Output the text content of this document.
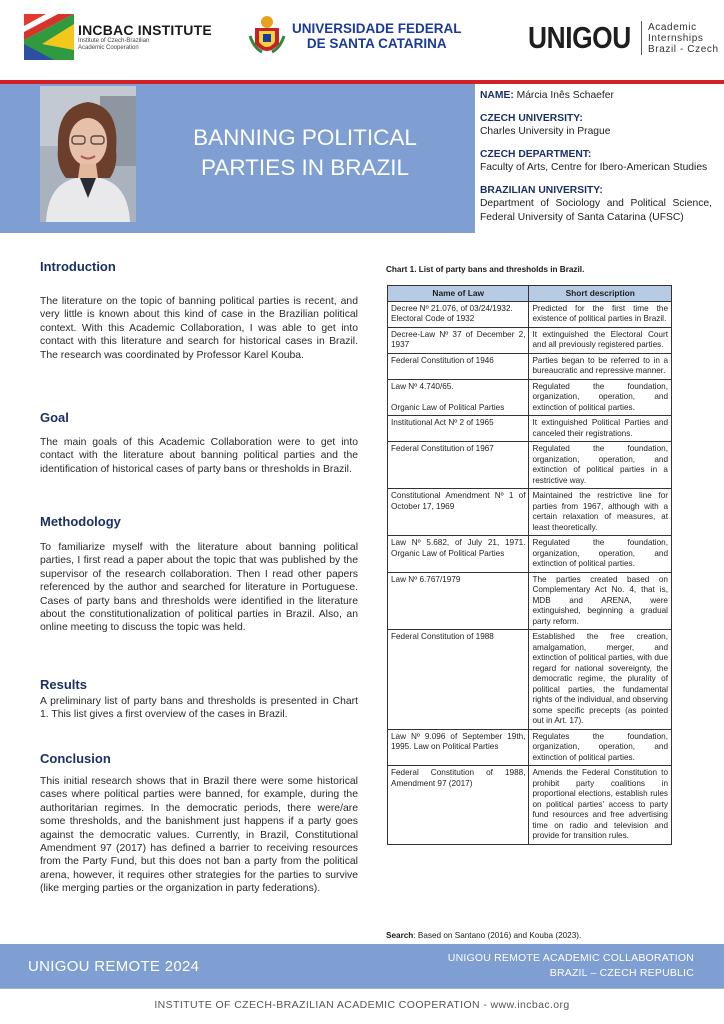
INCBAC INSTITUTE
Institute of Czech-Brazilian Academic Cooperation
UNIVERSIDADE FEDERAL
DE SANTA CATARINA	UNIGOU Academic
Internships
Brazil - Czech
BANNING POLITICAL
PARTIES IN BRAZIL
NAME: Márcia Inês Schaefer
CZECH UNIVERSITY:
Charles University in Prague
CZECH DEPARTMENT:
Faculty of Arts, Centre for Ibero-American Studies
BRAZILIAN UNIVERSITY:
Department of Sociology and Political Science, Federal University of Santa Catarina (UFSC)
Introduction
The literature on the topic of banning political parties is recent, and very little is known about this kind of case in the Brazilian political context. With this Academic Collaboration, I was able to get into contact with this literature and search for historical cases in Brazil. The research was coordinated by Professor Karel Kouba.
Goal
The main goals of this Academic Collaboration were to get into contact with the literature about banning political parties and the identification of historical cases of party bans or thresholds in Brazil.
Methodology
To familiarize myself with the literature about banning political parties, I first read a paper about the topic that was published by the supervisor of the research collaboration. Then I read other papers referenced by the author and searched for literature in Portuguese. Cases of party bans and thresholds were identified in the literature about the constitutionalization of political parties in Brazil. Also, an online meeting to discuss the topic was held.
Results
A preliminary list of party bans and thresholds is presented in Chart 1. This list gives a first overview of the cases in Brazil.
Conclusion
This initial research shows that in Brazil there were some historical cases where political parties were banned, for example, during the authoritarian regimes. In the democratic periods, there were/are some thresholds, and the banishment just happens if a party goes against the democratic values. Currently, in Brazil, Constitutional Amendment 97 (2017) has defined a barrier to receiving resources from the Party Fund, but this does not ban a party from the political arena, however, it requires other strategies for the parties to survive (like merging parties or the organization in party federations).
Chart 1. List of party bans and thresholds in Brazil.
Name of Law	Short description
Decree Nº 21.076, of 03/24/1932.
Electoral Code of 1932	Predicted for the first time the existence of political parties in Brazil.
Decree-Law Nº 37 of December 2, 1937	It extinguished the Electoral Court and all previously registered parties.
Federal Constitution of 1946	Parties began to be referred to in a bureaucratic and repressive manner.
Law Nº 4.740/65.

Organic Law of Political Parties	Regulated the foundation, organization, operation, and extinction of political parties.
Institutional Act Nº 2 of 1965	It extinguished Political Parties and canceled their registrations.
Federal Constitution of 1967	Regulated the foundation, organization, operation, and extinction of political parties in a restrictive way.
Constitutional Amendment Nº 1 of October 17, 1969	Maintained the restrictive line for parties from 1967, although with a certain relaxation of measures, at least theoretically.
Law Nº 5.682, of July 21, 1971. Organic Law of Political Parties	Regulated the foundation, organization, operation, and extinction of political parties.
Law Nº 6.767/1979	The parties created based on Complementary Act No. 4, that is, MDB and ARENA, were extinguished, beginning a gradual party reform.
Federal Constitution of 1988	Established the free creation, amalgamation, merger, and extinction of political parties, with due regard for national sovereignty, the democratic regime, the plurality of political parties, the fundamental rights of the individual, and observing some specific precepts (as pointed out in Art. 17).
Law Nº 9.096 of September 19th, 1995. Law on Political Parties	Regulates the foundation, organization, operation, and extinction of political parties.
Federal Constitution of 1988, Amendment 97 (2017)	Amends the Federal Constitution to prohibit party coalitions in proportional elections, establish rules on political parties' access to party fund resources and free advertising time on radio and television and provide for transition rules.
Search: Based on Santano (2016) and Kouba (2023).
UNIGOU REMOTE 2024	UNIGOU REMOTE ACADEMIC COLLABORATION
BRAZIL – CZECH REPUBLIC
INSTITUTE OF CZECH-BRAZILIAN ACADEMIC COOPERATION - www.incbac.org
